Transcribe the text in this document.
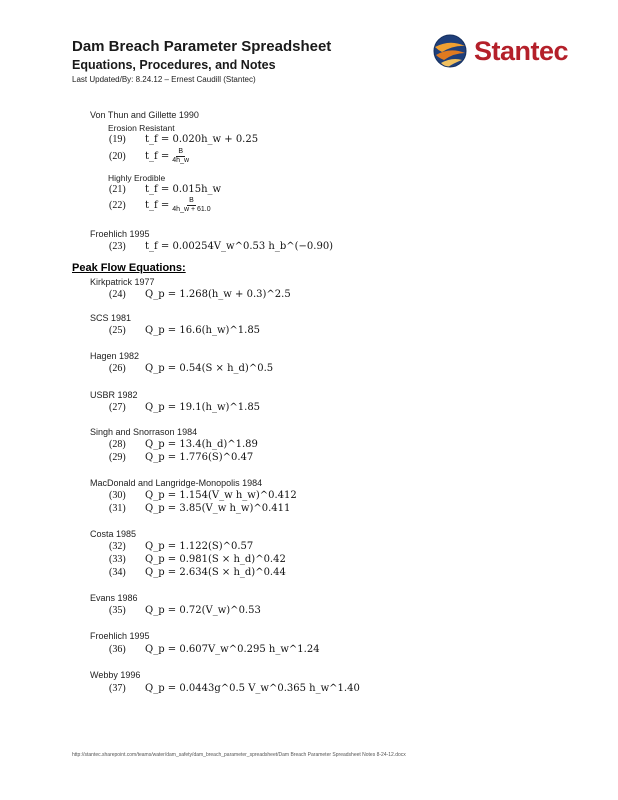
Dam Breach Parameter Spreadsheet
Equations, Procedures, and Notes
Last Updated/By: 8.24.12 – Ernest Caudill (Stantec)
Stantec
Von Thun and Gillette 1990
Erosion Resistant
(19)	t_f = 0.020h_w + 0.25
(20)	t_f = $\frac{B}{4h\_w}$
Highly Erodible
(21)	t_f = 0.015h_w
(22)	t_f = $\frac{B}{4h\_w + 61.0}$
Froehlich 1995
(23)	t_f = 0.00254V_w^0.53 h_b^(−0.90)
Peak Flow Equations:
Kirkpatrick 1977
(24)	Q_p = 1.268(h_w + 0.3)^2.5
SCS 1981
(25)	Q_p = 16.6(h_w)^1.85
Hagen 1982
(26)	Q_p = 0.54(S × h_d)^0.5
USBR 1982
(27)	Q_p = 19.1(h_w)^1.85
Singh and Snorrason 1984
(28)	Q_p = 13.4(h_d)^1.89
(29)	Q_p = 1.776(S)^0.47
MacDonald and Langridge-Monopolis 1984
(30)	Q_p = 1.154(V_w h_w)^0.412
(31)	Q_p = 3.85(V_w h_w)^0.411
Costa 1985
(32)	Q_p = 1.122(S)^0.57
(33)	Q_p = 0.981(S × h_d)^0.42
(34)	Q_p = 2.634(S × h_d)^0.44
Evans 1986
(35)	Q_p = 0.72(V_w)^0.53
Froehlich 1995
(36)	Q_p = 0.607V_w^0.295 h_w^1.24
Webby 1996
(37)	Q_p = 0.0443g^0.5 V_w^0.365 h_w^1.40
http://stantec.sharepoint.com/teams/water/dam_safety/dam_breach_parameter_spreadsheet/Dam Breach Parameter Spreadsheet Notes 8-24-12.docx
